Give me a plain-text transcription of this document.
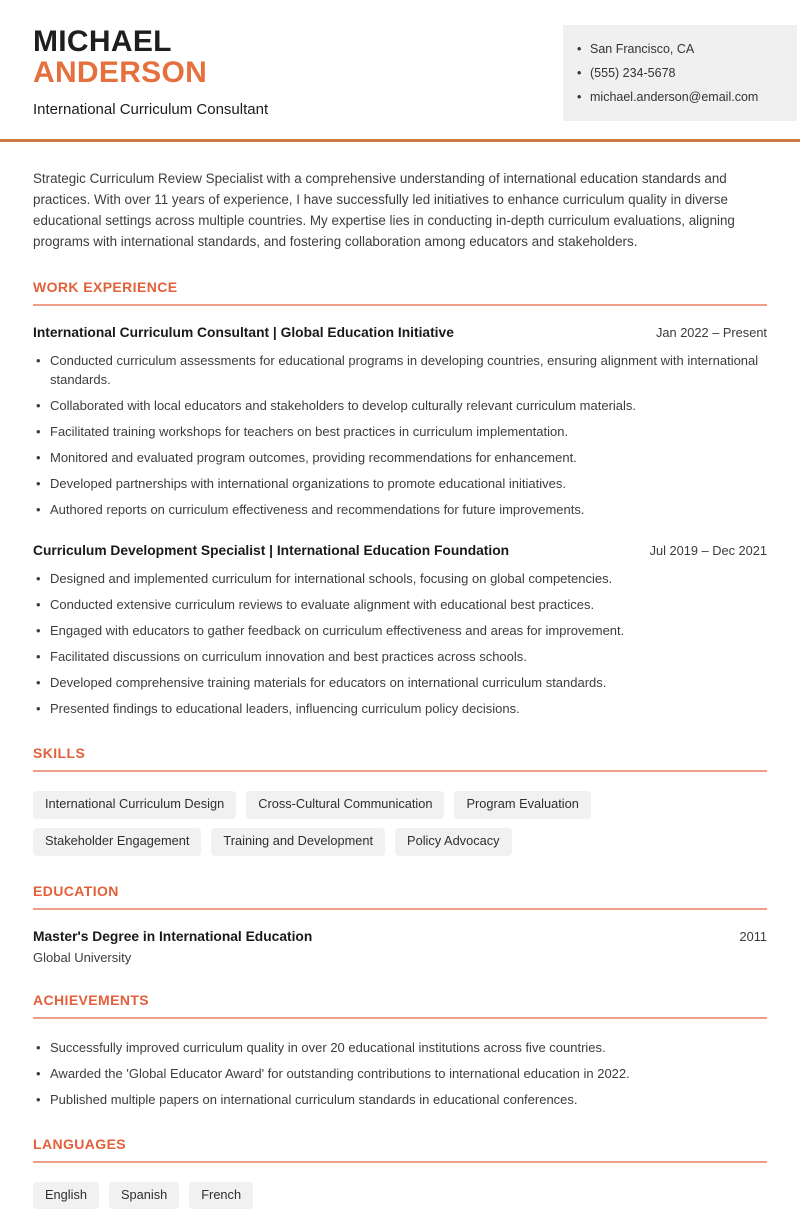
MICHAEL
ANDERSON
International Curriculum Consultant
• San Francisco, CA
• (555) 234-5678
• michael.anderson@email.com

Strategic Curriculum Review Specialist with a comprehensive understanding of international education standards and practices. With over 11 years of experience, I have successfully led initiatives to enhance curriculum quality in diverse educational settings across multiple countries. My expertise lies in conducting in-depth curriculum evaluations, aligning programs with international standards, and fostering collaboration among educators and stakeholders.

WORK EXPERIENCE
International Curriculum Consultant | Global Education Initiative	Jan 2022 – Present
• Conducted curriculum assessments for educational programs in developing countries, ensuring alignment with international standards.
• Collaborated with local educators and stakeholders to develop culturally relevant curriculum materials.
• Facilitated training workshops for teachers on best practices in curriculum implementation.
• Monitored and evaluated program outcomes, providing recommendations for enhancement.
• Developed partnerships with international organizations to promote educational initiatives.
• Authored reports on curriculum effectiveness and recommendations for future improvements.
Curriculum Development Specialist | International Education Foundation	Jul 2019 – Dec 2021
• Designed and implemented curriculum for international schools, focusing on global competencies.
• Conducted extensive curriculum reviews to evaluate alignment with educational best practices.
• Engaged with educators to gather feedback on curriculum effectiveness and areas for improvement.
• Facilitated discussions on curriculum innovation and best practices across schools.
• Developed comprehensive training materials for educators on international curriculum standards.
• Presented findings to educational leaders, influencing curriculum policy decisions.
SKILLS
International Curriculum Design	Cross-Cultural Communication	Program Evaluation
Stakeholder Engagement	Training and Development	Policy Advocacy
EDUCATION
Master's Degree in International Education	2011
Global University
ACHIEVEMENTS
• Successfully improved curriculum quality in over 20 educational institutions across five countries.
• Awarded the 'Global Educator Award' for outstanding contributions to international education in 2022.
• Published multiple papers on international curriculum standards in educational conferences.
LANGUAGES
English	Spanish	French
